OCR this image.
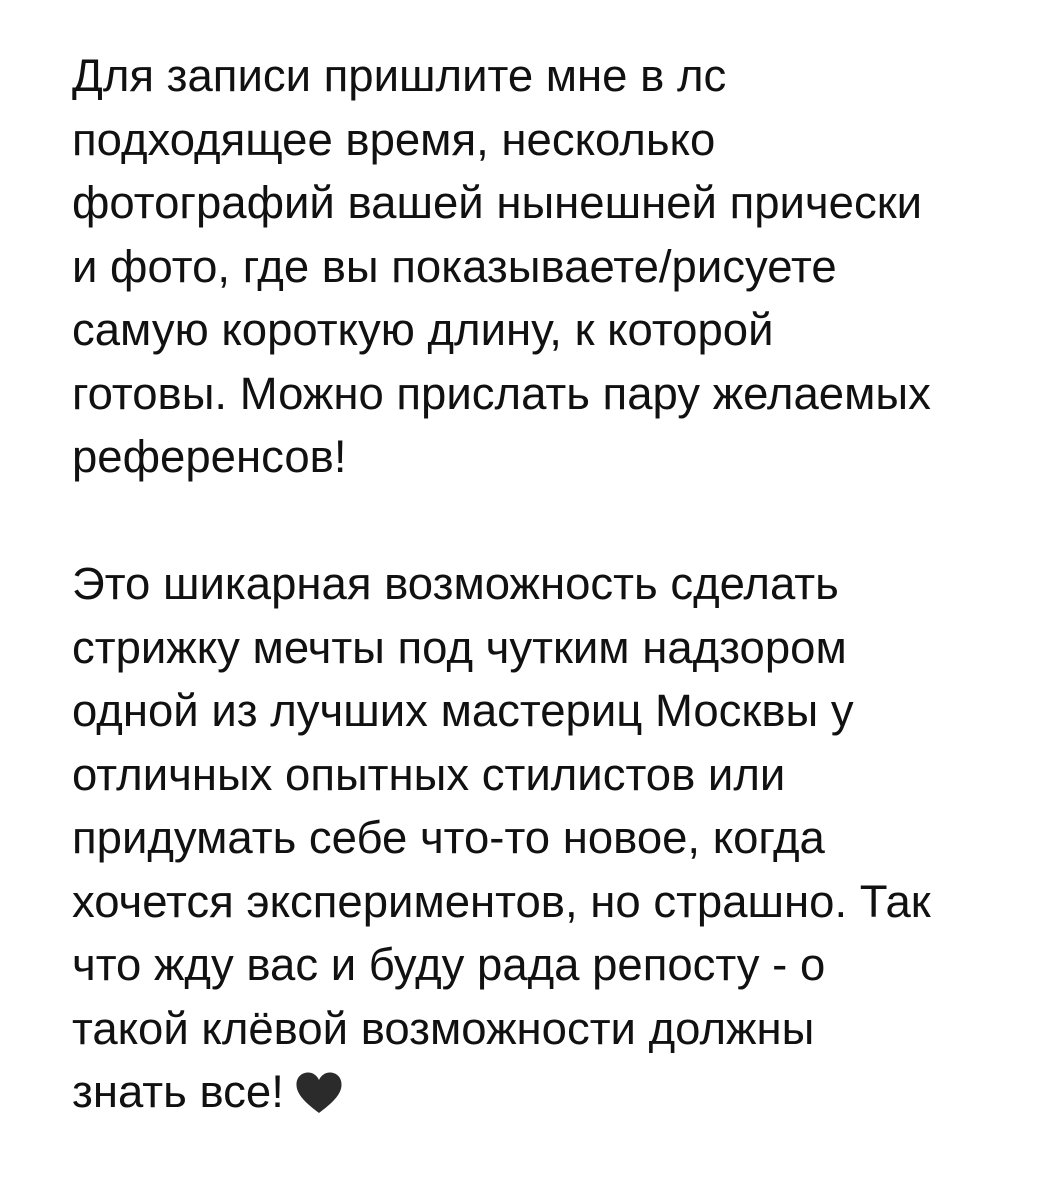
Для записи пришлите мне в лс
подходящее время, несколько
фотографий вашей нынешней прически
и фото, где вы показываете/рисуете
самую короткую длину, к которой
готовы. Можно прислать пару желаемых
референсов!

Это шикарная возможность сделать
стрижку мечты под чутким надзором
одной из лучших мастериц Москвы у
отличных опытных стилистов или
придумать себе что-то новое, когда
хочется экспериментов, но страшно. Так
что жду вас и буду рада репосту - о
такой клёвой возможности должны
знать все!
